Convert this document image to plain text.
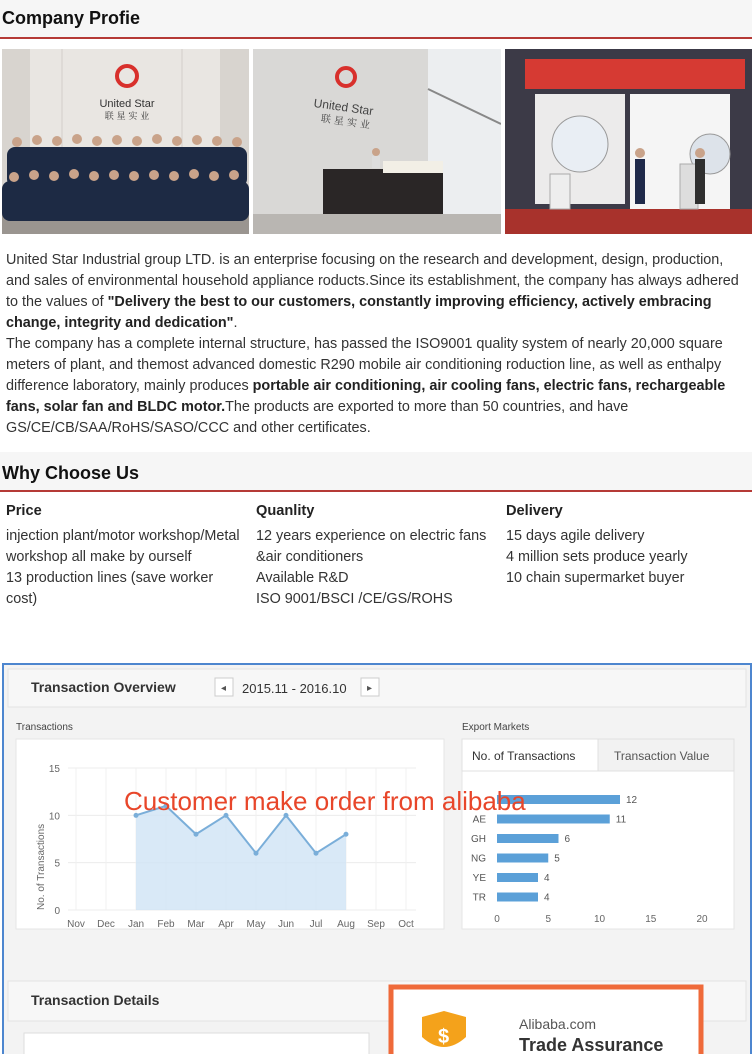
Company Profie
United Star
联 星 实 业	United Star
联 星 实 业

United Star Industrial group LTD. is an enterprise focusing on the research and development, design, production, and sales of environmental household appliance roducts.Since its establishment, the company has always adhered to the values of "Delivery the best to our customers, constantly improving efficiency, actively embracing change, integrity and dedication".

The company has a complete internal structure, has passed the ISO9001 quality system of nearly 20,000 square meters of plant, and themost advanced domestic R290 mobile air conditioning roduction line, as well as enthalpy difference laboratory, mainly produces portable air conditioning, air cooling fans, electric fans, rechargeable fans, solar fan and BLDC motor.The products are exported to more than 50 countries, and have GS/CE/CB/SAA/RoHS/SASO/CCC and other certificates.

Why Choose Us
Price

injection plant/motor workshop/Metal workshop all make by ourself

13 production lines (save worker cost)

Quanlity

12 years experience on electric fans &air conditioners

Available R&D

ISO 9001/BSCI /CE/GS/ROHS

Delivery

15 days agile delivery

4 million sets produce yearly

10 chain supermarket buyer

Transaction Overview	◂ 2015.11 - 2016.10 ▸
Transactions
0
5
10
15
Nov Dec Jan Feb Mar Apr May Jun Jul Aug Sep Oct
No. of Transactions
Export Markets
No. of Transactions	Transaction Value
12
AE	11
GH	6
NG	5
YE	4
TR	4
0	5	10	15	20
Customer make order from alibaba
Transaction Details
$
Alibaba.com
Trade Assurance
